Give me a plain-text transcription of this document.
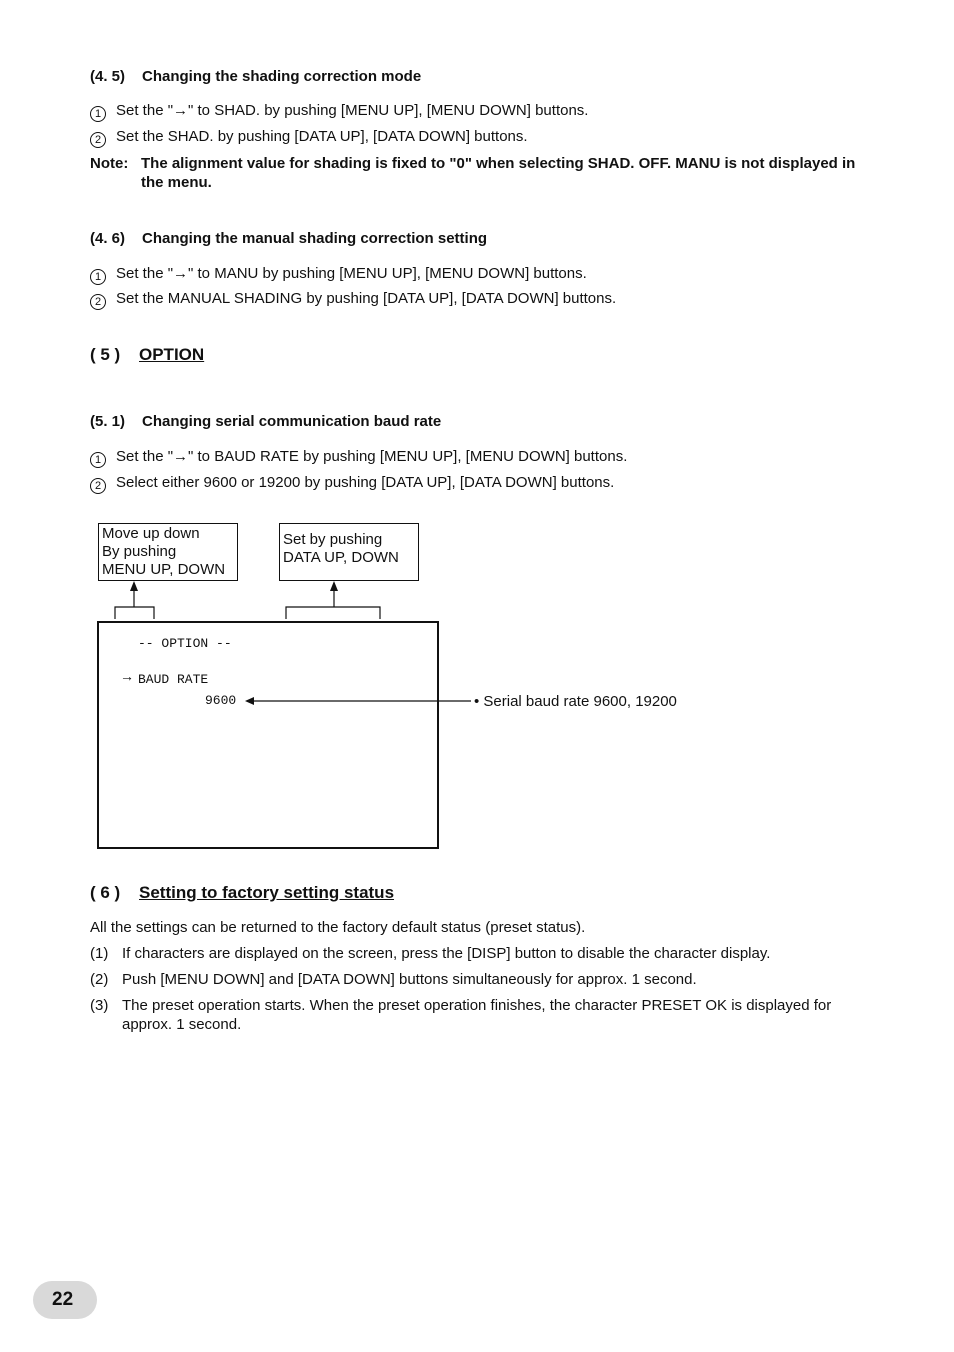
(4. 5) Changing the shading correction mode
1 Set the "→" to SHAD. by pushing [MENU UP], [MENU DOWN] buttons.
2 Set the SHAD. by pushing [DATA UP], [DATA DOWN] buttons.
Note: The alignment value for shading is fixed to "0" when selecting SHAD. OFF. MANU is not displayed in the menu.
(4. 6) Changing the manual shading correction setting
1 Set the "→" to MANU by pushing [MENU UP], [MENU DOWN] buttons.
2 Set the MANUAL SHADING by pushing [DATA UP], [DATA DOWN] buttons.
( 5 ) OPTION
(5. 1) Changing serial communication baud rate
1 Set the "→" to BAUD RATE by pushing [MENU UP], [MENU DOWN] buttons.
2 Select either 9600 or 19200 by pushing [DATA UP], [DATA DOWN] buttons.
Move up down
By pushing
MENU UP, DOWN
Set by pushing
DATA UP, DOWN
-- OPTION --
→ BAUD RATE
9600	• Serial baud rate 9600, 19200
( 6 ) Setting to factory setting status
All the settings can be returned to the factory default status (preset status).
(1) If characters are displayed on the screen, press the [DISP] button to disable the character display.
(2) Push [MENU DOWN] and [DATA DOWN] buttons simultaneously for approx. 1 second.
(3) The preset operation starts. When the preset operation finishes, the character PRESET OK is displayed for approx. 1 second.
22
